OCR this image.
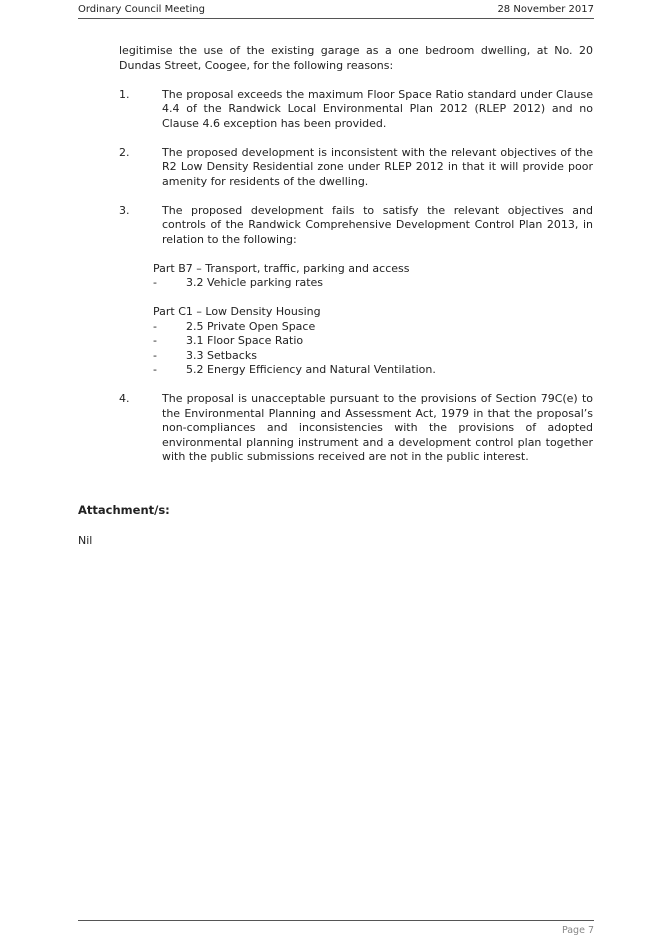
Ordinary Council Meeting	28 November 2017

legitimise the use of the existing garage as a one bedroom dwelling, at No. 20 Dundas Street, Coogee, for the following reasons:

1.	The proposal exceeds the maximum Floor Space Ratio standard under Clause 4.4 of the Randwick Local Environmental Plan 2012 (RLEP 2012) and no Clause 4.6 exception has been provided.
2.	The proposed development is inconsistent with the relevant objectives of the R2 Low Density Residential zone under RLEP 2012 in that it will provide poor amenity for residents of the dwelling.
3.	The proposed development fails to satisfy the relevant objectives and controls of the Randwick Comprehensive Development Control Plan 2013, in relation to the following:
Part B7 – Transport, traffic, parking and access
-	3.2 Vehicle parking rates
Part C1 – Low Density Housing
-	2.5 Private Open Space
-	3.1 Floor Space Ratio
-	3.3 Setbacks
-	5.2 Energy Efficiency and Natural Ventilation.
4.	The proposal is unacceptable pursuant to the provisions of Section 79C(e) to the Environmental Planning and Assessment Act, 1979 in that the proposal’s non-compliances and inconsistencies with the provisions of adopted environmental planning instrument and a development control plan together with the public submissions received are not in the public interest.
Attachment/s:
Nil
Page 7
